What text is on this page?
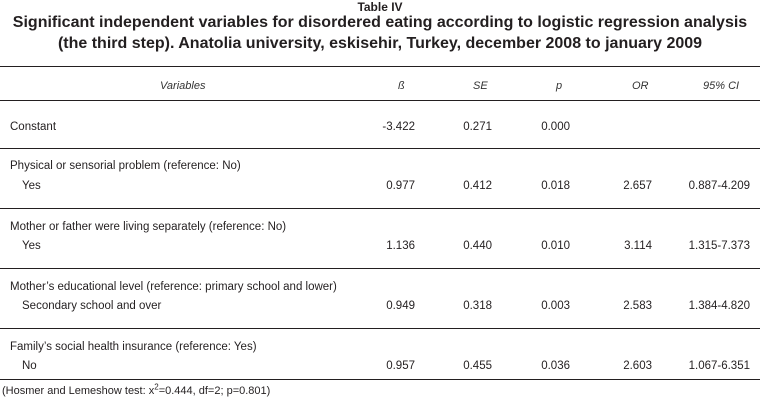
Table IV
Significant independent variables for disordered eating according to logistic regression analysis
(the third step). Anatolia university, eskisehir, Turkey, december 2008 to january 2009
Variables	ß	SE	p	OR	95% CI
Constant	-3.422	0.271	0.000
Physical or sensorial problem (reference: No)
Yes	0.977	0.412	0.018	2.657	0.887-4.209
Mother or father were living separately (reference: No)
Yes	1.136	0.440	0.010	3.114	1.315-7.373
Mother’s educational level (reference: primary school and lower)
Secondary school and over	0.949	0.318	0.003	2.583	1.384-4.820
Family’s social health insurance (reference: Yes)
No	0.957	0.455	0.036	2.603	1.067-6.351
(Hosmer and Lemeshow test: $x^2=0.444$, df=2; p=0.801)
